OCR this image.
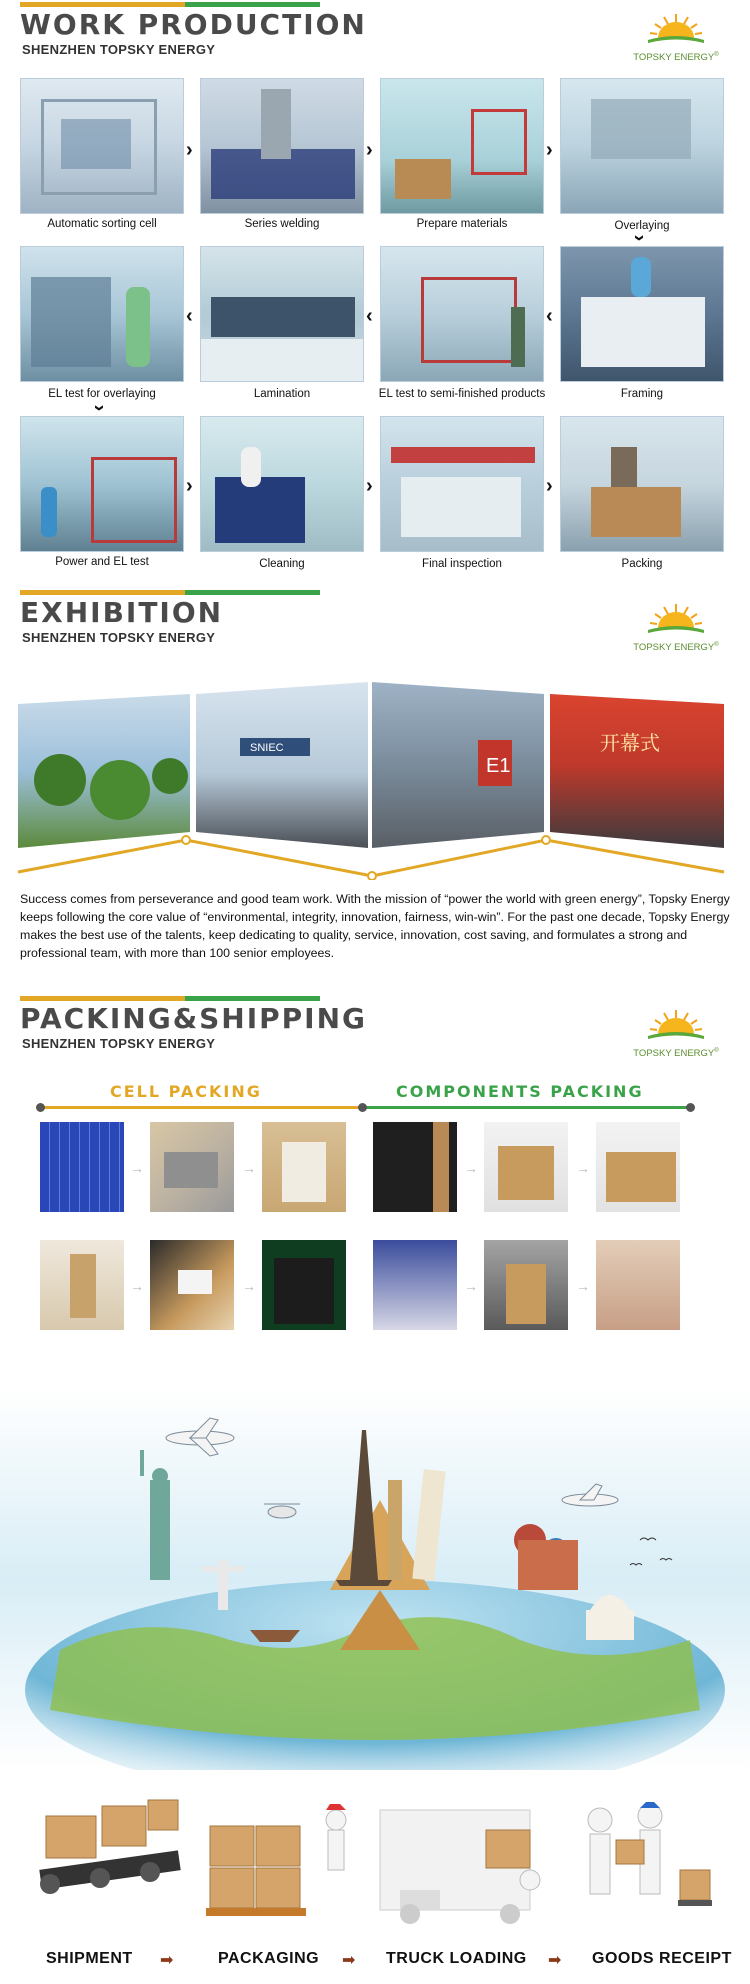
WORK PRODUCTION
SHENZHEN TOPSKY ENERGY
TOPSKY ENERGY®
›	›	›
Automatic sorting cell	Series welding	Prepare materials	Overlaying
›
‹	‹	‹
EL test for overlaying	Lamination	EL test to semi-finished products	Framing
›
›	›	›
Power and EL test	Cleaning	Final inspection	Packing
EXHIBITION
SHENZHEN TOPSKY ENERGY
TOPSKY ENERGY®
SNIEC
E1
开幕式
Success comes from perseverance and good team work. With the mission of “power the world with green energy”, Topsky Energy keeps following the core value of “environmental, integrity, innovation, fairness, win-win”. For the past one decade, Topsky Energy makes the best use of the talents, keep dedicating to quality, service, innovation, cost saving, and formulates a strong and professional team, with more than 100 senior employees.
PACKING&SHIPPING
SHENZHEN TOPSKY ENERGY
TOPSKY ENERGY®
CELL PACKING	COMPONENTS PACKING
→	→	→	→
→	→	→	→
SHIPMENT ➡	PACKAGING ➡ TRUCK LOADING ➡ GOODS RECEIPT
